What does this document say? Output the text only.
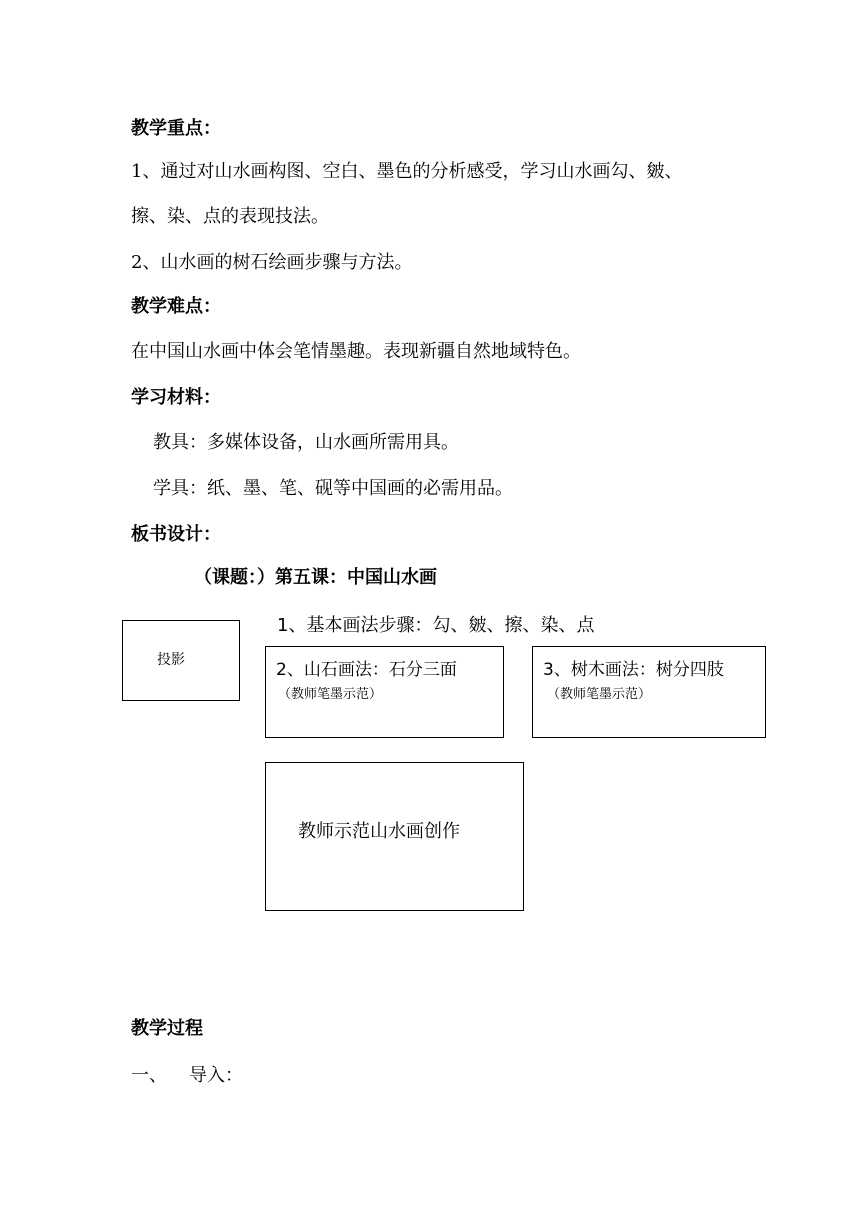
教学重点：
1、通过对山水画构图、空白、墨色的分析感受，学习山水画勾、皴、
擦、染、点的表现技法。
2、山水画的树石绘画步骤与方法。
教学难点：
在中国山水画中体会笔情墨趣。表现新疆自然地域特色。
学习材料：
教具：多媒体设备，山水画所需用具。
学具：纸、墨、笔、砚等中国画的必需用品。
板书设计：
（课题：）第五课：中国山水画
投影
1、基本画法步骤：勾、皴、擦、染、点
2、山石画法：石分三面
（教师笔墨示范）
3、树木画法：树分四肢
（教师笔墨示范）
教师示范山水画创作
教学过程
一、 导入：
